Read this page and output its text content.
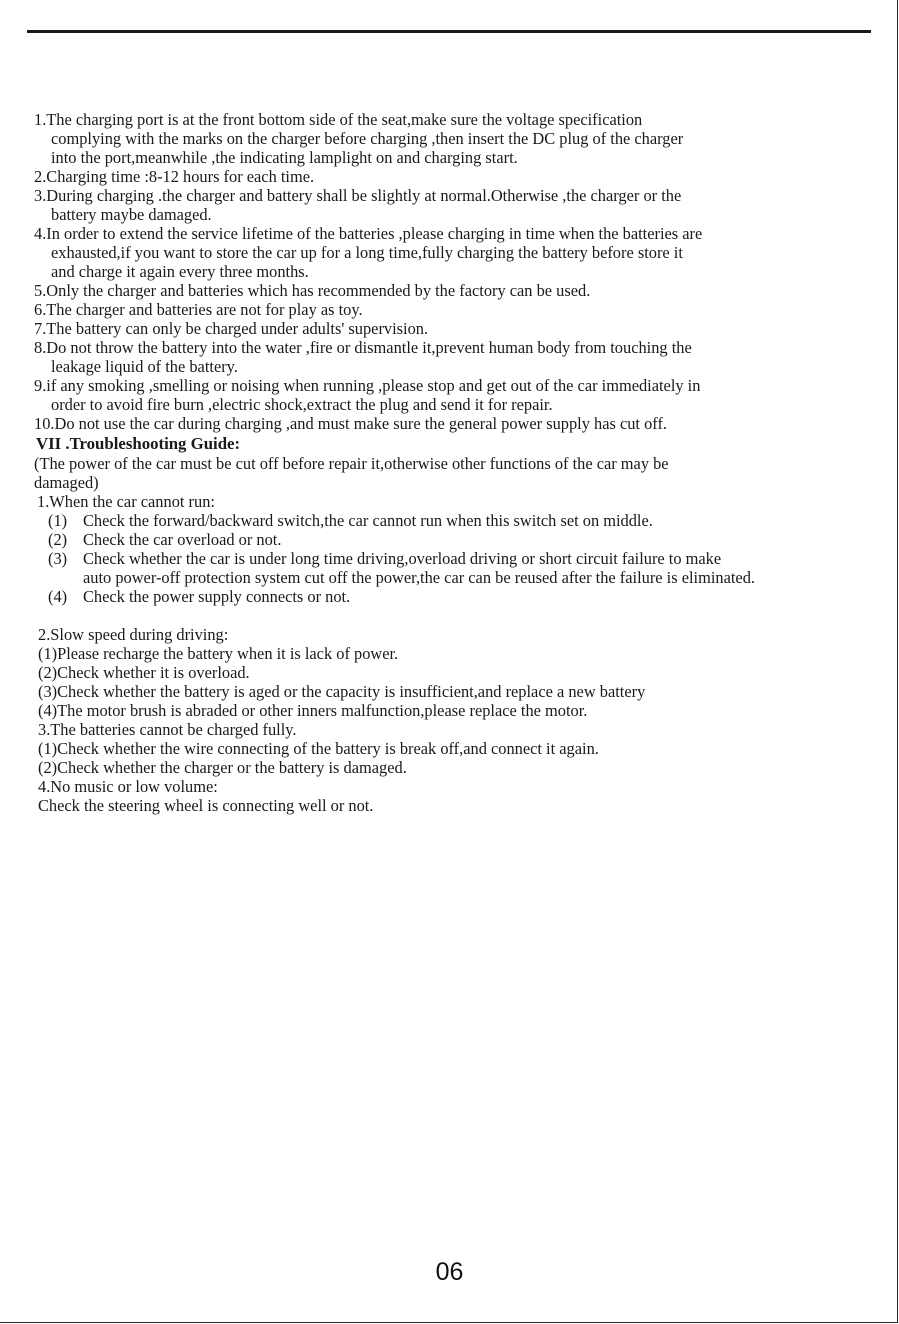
1.The charging port is at the front bottom side of the seat,make sure the voltage specification
complying with the marks on the charger before charging ,then insert the DC plug of the charger
into the port,meanwhile ,the indicating lamplight on and charging start.
2.Charging time :8-12 hours for each time.
3.During charging .the charger and battery shall be slightly at normal.Otherwise ,the charger or the
battery maybe damaged.
4.In order to extend the service lifetime of the batteries ,please charging in time when the batteries are
exhausted,if you want to store the car up for a long time,fully charging the battery before store it
and charge it again every three months.
5.Only the charger and batteries which has recommended by the factory can be used.
6.The charger and batteries are not for play as toy.
7.The battery can only be charged under adults' supervision.
8.Do not throw the battery into the water ,fire or dismantle it,prevent human body from touching the
leakage liquid of the battery.
9.if any smoking ,smelling or noising when running ,please stop and get out of the car immediately in
order to avoid fire burn ,electric shock,extract the plug and send it for repair.
10.Do not use the car during charging ,and must make sure the general power supply has cut off.
VII .Troubleshooting Guide:
(The power of the car must be cut off before repair it,otherwise other functions of the car may be
damaged)
1.When the car cannot run:
(1) Check the forward/backward switch,the car cannot run when this switch set on middle.
(2) Check the car overload or not.
(3) Check whether the car is under long time driving,overload driving or short circuit failure to make
auto power-off protection system cut off the power,the car can be reused after the failure is eliminated.
(4) Check the power supply connects or not.
2.Slow speed during driving:
(1)Please recharge the battery when it is lack of power.
(2)Check whether it is overload.
(3)Check whether the battery is aged or the capacity is insufficient,and replace a new battery
(4)The motor brush is abraded or other inners malfunction,please replace the motor.
3.The batteries cannot be charged fully.
(1)Check whether the wire connecting of the battery is break off,and connect it again.
(2)Check whether the charger or the battery is damaged.
4.No music or low volume:
Check the steering wheel is connecting well or not.
06
